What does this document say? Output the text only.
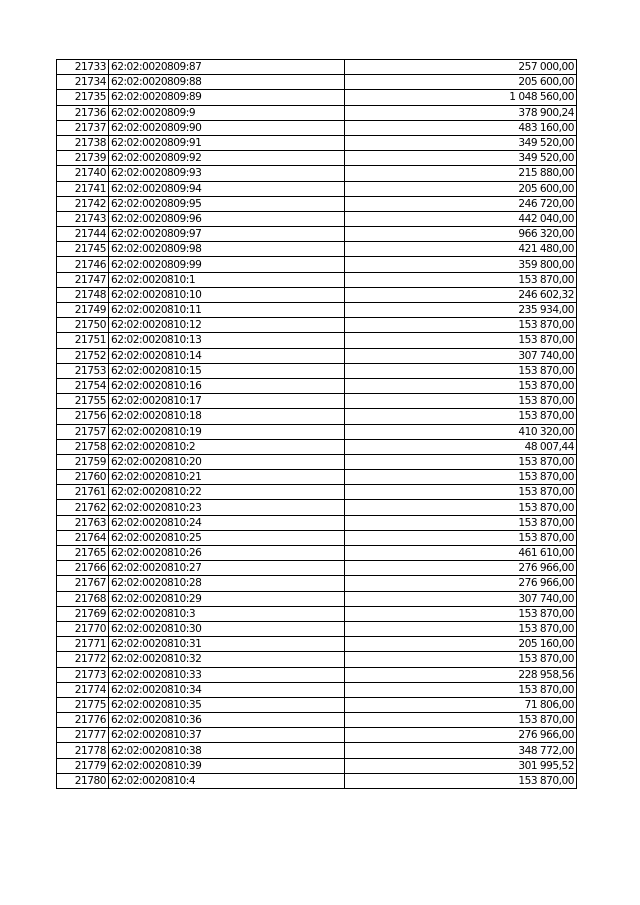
21733	62:02:0020809:87	257 000,00
21734	62:02:0020809:88	205 600,00
21735	62:02:0020809:89	1 048 560,00
21736	62:02:0020809:9	378 900,24
21737	62:02:0020809:90	483 160,00
21738	62:02:0020809:91	349 520,00
21739	62:02:0020809:92	349 520,00
21740	62:02:0020809:93	215 880,00
21741	62:02:0020809:94	205 600,00
21742	62:02:0020809:95	246 720,00
21743	62:02:0020809:96	442 040,00
21744	62:02:0020809:97	966 320,00
21745	62:02:0020809:98	421 480,00
21746	62:02:0020809:99	359 800,00
21747	62:02:0020810:1	153 870,00
21748	62:02:0020810:10	246 602,32
21749	62:02:0020810:11	235 934,00
21750	62:02:0020810:12	153 870,00
21751	62:02:0020810:13	153 870,00
21752	62:02:0020810:14	307 740,00
21753	62:02:0020810:15	153 870,00
21754	62:02:0020810:16	153 870,00
21755	62:02:0020810:17	153 870,00
21756	62:02:0020810:18	153 870,00
21757	62:02:0020810:19	410 320,00
21758	62:02:0020810:2	48 007,44
21759	62:02:0020810:20	153 870,00
21760	62:02:0020810:21	153 870,00
21761	62:02:0020810:22	153 870,00
21762	62:02:0020810:23	153 870,00
21763	62:02:0020810:24	153 870,00
21764	62:02:0020810:25	153 870,00
21765	62:02:0020810:26	461 610,00
21766	62:02:0020810:27	276 966,00
21767	62:02:0020810:28	276 966,00
21768	62:02:0020810:29	307 740,00
21769	62:02:0020810:3	153 870,00
21770	62:02:0020810:30	153 870,00
21771	62:02:0020810:31	205 160,00
21772	62:02:0020810:32	153 870,00
21773	62:02:0020810:33	228 958,56
21774	62:02:0020810:34	153 870,00
21775	62:02:0020810:35	71 806,00
21776	62:02:0020810:36	153 870,00
21777	62:02:0020810:37	276 966,00
21778	62:02:0020810:38	348 772,00
21779	62:02:0020810:39	301 995,52
21780	62:02:0020810:4	153 870,00
